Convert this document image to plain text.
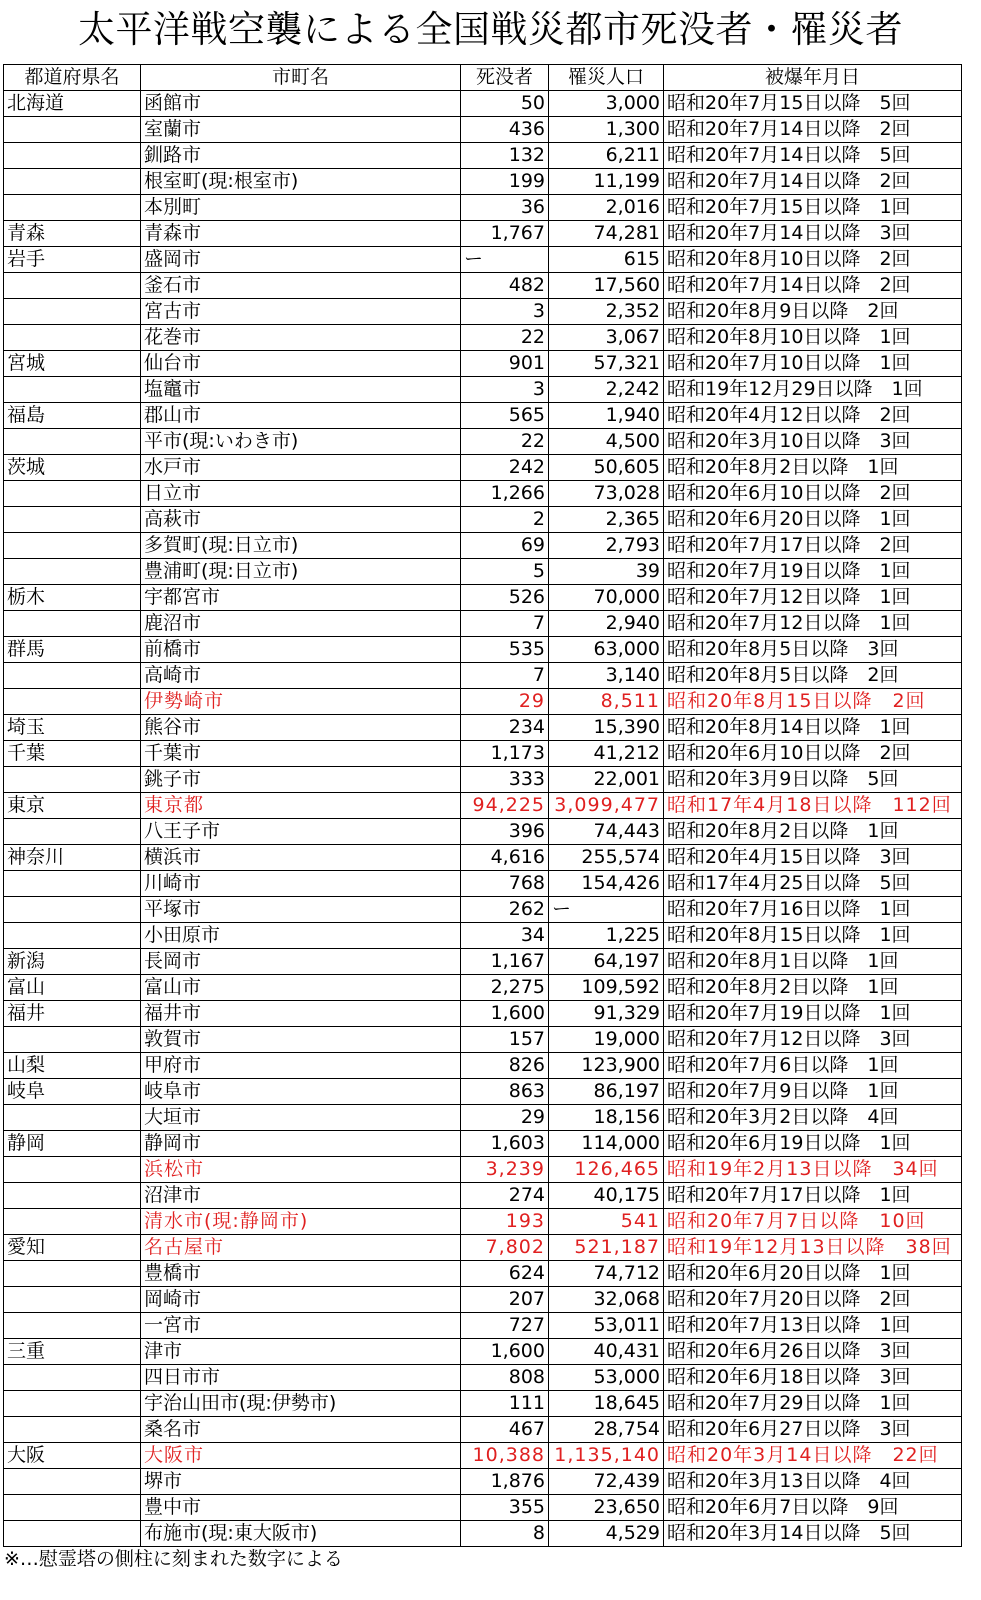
太平洋戦空襲による全国戦災都市死没者・罹災者
都道府県名	市町名	死没者	罹災人口	被爆年月日
北海道	函館市	50	3,000	昭和20年7月15日以降　5回
	室蘭市	436	1,300	昭和20年7月14日以降　2回
	釧路市	132	6,211	昭和20年7月14日以降　5回
	根室町(現:根室市)	199	11,199	昭和20年7月14日以降　2回
	本別町	36	2,016	昭和20年7月15日以降　1回
青森	青森市	1,767	74,281	昭和20年7月14日以降　3回
岩手	盛岡市	ー	615	昭和20年8月10日以降　2回
	釜石市	482	17,560	昭和20年7月14日以降　2回
	宮古市	3	2,352	昭和20年8月9日以降　2回
	花巻市	22	3,067	昭和20年8月10日以降　1回
宮城	仙台市	901	57,321	昭和20年7月10日以降　1回
	塩竈市	3	2,242	昭和19年12月29日以降　1回
福島	郡山市	565	1,940	昭和20年4月12日以降　2回
	平市(現:いわき市)	22	4,500	昭和20年3月10日以降　3回
茨城	水戸市	242	50,605	昭和20年8月2日以降　1回
	日立市	1,266	73,028	昭和20年6月10日以降　2回
	高萩市	2	2,365	昭和20年6月20日以降　1回
	多賀町(現:日立市)	69	2,793	昭和20年7月17日以降　2回
	豊浦町(現:日立市)	5	39	昭和20年7月19日以降　1回
栃木	宇都宮市	526	70,000	昭和20年7月12日以降　1回
	鹿沼市	7	2,940	昭和20年7月12日以降　1回
群馬	前橋市	535	63,000	昭和20年8月5日以降　3回
	高崎市	7	3,140	昭和20年8月5日以降　2回
	伊勢崎市	29	8,511	昭和20年8月15日以降　2回
埼玉	熊谷市	234	15,390	昭和20年8月14日以降　1回
千葉	千葉市	1,173	41,212	昭和20年6月10日以降　2回
	銚子市	333	22,001	昭和20年3月9日以降　5回
東京	東京都	94,225	3,099,477	昭和17年4月18日以降　112回
	八王子市	396	74,443	昭和20年8月2日以降　1回
神奈川	横浜市	4,616	255,574	昭和20年4月15日以降　3回
	川崎市	768	154,426	昭和17年4月25日以降　5回
	平塚市	262	ー	昭和20年7月16日以降　1回
	小田原市	34	1,225	昭和20年8月15日以降　1回
新潟	長岡市	1,167	64,197	昭和20年8月1日以降　1回
富山	富山市	2,275	109,592	昭和20年8月2日以降　1回
福井	福井市	1,600	91,329	昭和20年7月19日以降　1回
	敦賀市	157	19,000	昭和20年7月12日以降　3回
山梨	甲府市	826	123,900	昭和20年7月6日以降　1回
岐阜	岐阜市	863	86,197	昭和20年7月9日以降　1回
	大垣市	29	18,156	昭和20年3月2日以降　4回
静岡	静岡市	1,603	114,000	昭和20年6月19日以降　1回
	浜松市	3,239	126,465	昭和19年2月13日以降　34回
	沼津市	274	40,175	昭和20年7月17日以降　1回
	清水市(現:静岡市)	193	541	昭和20年7月7日以降　10回
愛知	名古屋市	7,802	521,187	昭和19年12月13日以降　38回
	豊橋市	624	74,712	昭和20年6月20日以降　1回
	岡崎市	207	32,068	昭和20年7月20日以降　2回
	一宮市	727	53,011	昭和20年7月13日以降　1回
三重	津市	1,600	40,431	昭和20年6月26日以降　3回
	四日市市	808	53,000	昭和20年6月18日以降　3回
	宇治山田市(現:伊勢市)	111	18,645	昭和20年7月29日以降　1回
	桑名市	467	28,754	昭和20年6月27日以降　3回
大阪	大阪市	10,388	1,135,140	昭和20年3月14日以降　22回
	堺市	1,876	72,439	昭和20年3月13日以降　4回
	豊中市	355	23,650	昭和20年6月7日以降　9回
	布施市(現:東大阪市)	8	4,529	昭和20年3月14日以降　5回
※…慰霊塔の側柱に刻まれた数字による
